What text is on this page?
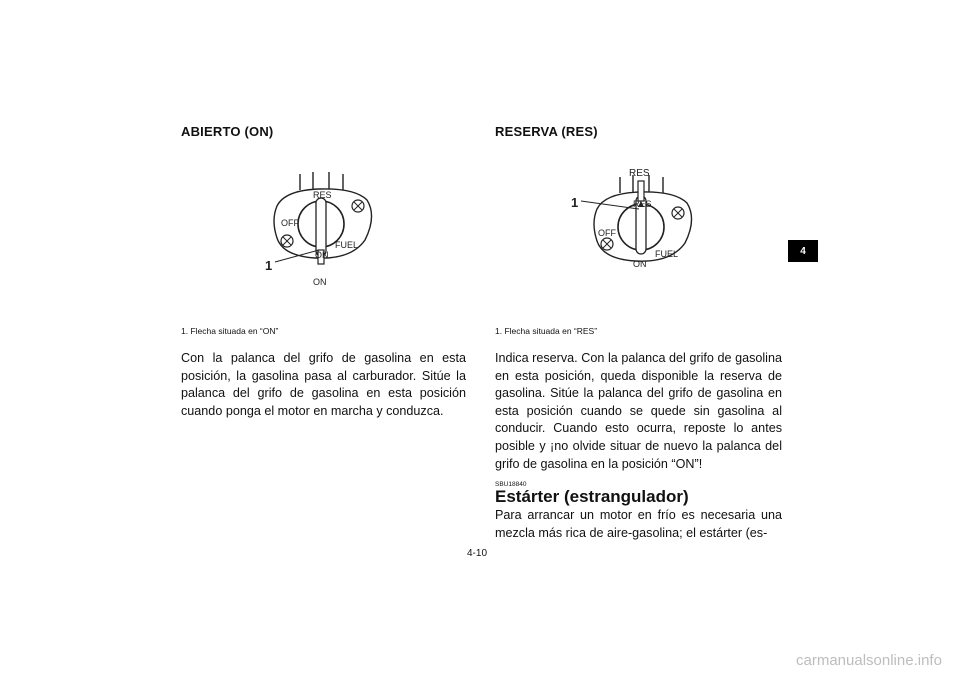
ABIERTO (ON)
RES
OFF
FUEL
ON
ON
1
1. Flecha situada en “ON”
Con la palanca del grifo de gasolina en esta posición, la gasolina pasa al carburador. Sitúe la palanca del grifo de gasolina en esta posición cuando ponga el motor en marcha y conduzca.
RESERVA (RES)
RES
RES
OFF
FUEL
ON
1
1. Flecha situada en “RES”
Indica reserva. Con la palanca del grifo de gasolina en esta posición, queda disponible la reserva de gasolina. Sitúe la palanca del grifo de gasolina en esta posición cuando se quede sin gasolina al conducir. Cuando esto ocurra, reposte lo antes posible y ¡no olvide situar de nuevo la palanca del grifo de gasolina en la posición “ON”!
SBU18840
Estárter (estrangulador)
Para arrancar un motor en frío es necesaria una mezcla más rica de aire-gasolina; el estárter (es-
4
4-10
carmanualsonline.info
